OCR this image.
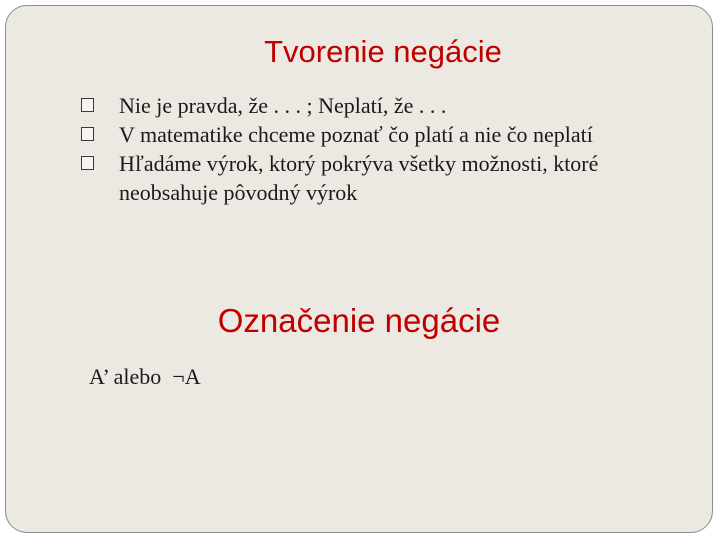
Tvorenie negácie
Nie je pravda, že . . . ; Neplatí, že . . .
V matematike chceme poznať čo platí a nie čo neplatí
Hľadáme výrok, ktorý pokrýva všetky možnosti, ktoré neobsahuje pôvodný výrok
Označenie negácie
A’ alebo  ¬A
